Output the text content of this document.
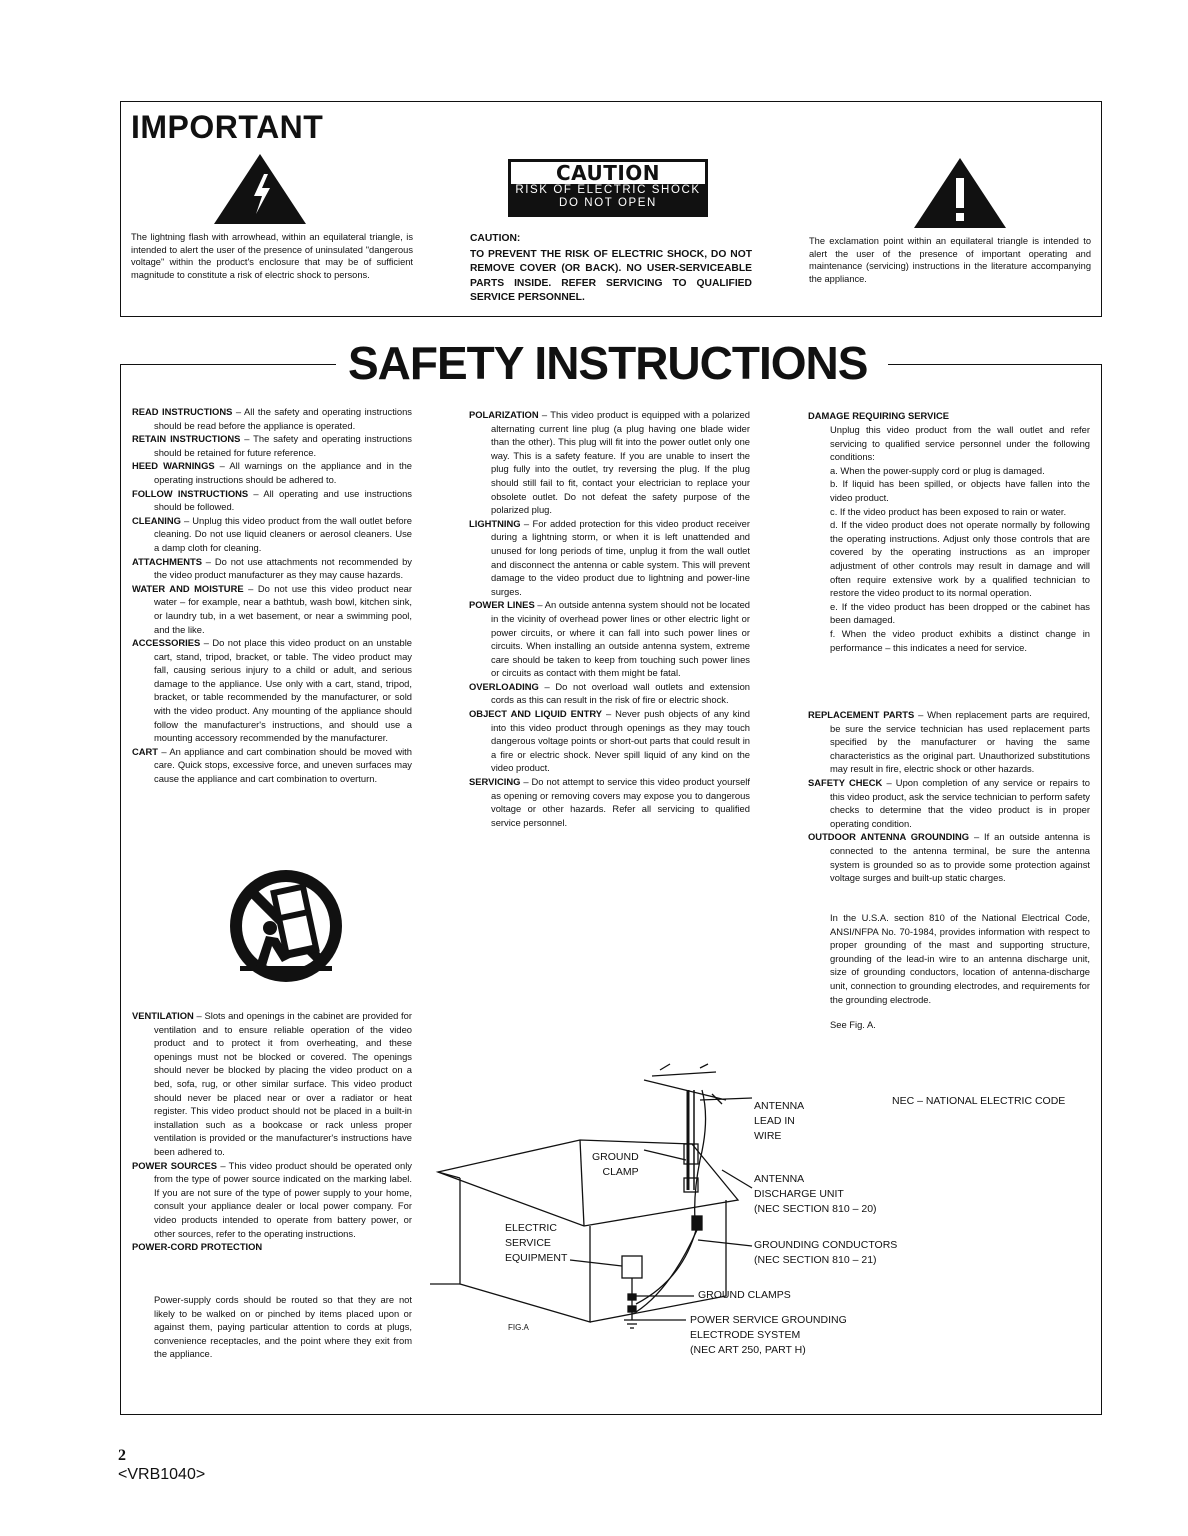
IMPORTANT
The lightning flash with arrowhead, within an equilateral triangle, is intended to alert the user of the presence of uninsulated "dangerous voltage" within the product's enclosure that may be of sufficient magnitude to constitute a risk of electric shock to persons.
CAUTION
RISK OF ELECTRIC SHOCK
DO NOT OPEN
CAUTION:
TO PREVENT THE RISK OF ELECTRIC SHOCK, DO NOT REMOVE COVER (OR BACK). NO USER-SERVICEABLE PARTS INSIDE. REFER SERVICING TO QUALIFIED SERVICE PERSONNEL.
The exclamation point within an equilateral triangle is intended to alert the user of the presence of important operating and maintenance (servicing) instructions in the literature accompanying the appliance.
SAFETY INSTRUCTIONS

READ INSTRUCTIONS – All the safety and operating instructions should be read before the appliance is operated.

RETAIN INSTRUCTIONS – The safety and operating instructions should be retained for future reference.

HEED WARNINGS – All warnings on the appliance and in the operating instructions should be adhered to.

FOLLOW INSTRUCTIONS – All operating and use instructions should be followed.

CLEANING – Unplug this video product from the wall outlet before cleaning. Do not use liquid cleaners or aerosol cleaners. Use a damp cloth for cleaning.

ATTACHMENTS – Do not use attachments not recommended by the video product manufacturer as they may cause hazards.

WATER AND MOISTURE – Do not use this video product near water – for example, near a bathtub, wash bowl, kitchen sink, or laundry tub, in a wet basement, or near a swimming pool, and the like.

ACCESSORIES – Do not place this video product on an unstable cart, stand, tripod, bracket, or table. The video product may fall, causing serious injury to a child or adult, and serious damage to the appliance. Use only with a cart, stand, tripod, bracket, or table recommended by the manufacturer, or sold with the video product. Any mounting of the appliance should follow the manufacturer's instructions, and should use a mounting accessory recommended by the manufacturer.

CART – An appliance and cart combination should be moved with care. Quick stops, excessive force, and uneven surfaces may cause the appliance and cart combination to overturn.

VENTILATION – Slots and openings in the cabinet are provided for ventilation and to ensure reliable operation of the video product and to protect it from overheating, and these openings must not be blocked or covered. The openings should never be blocked by placing the video product on a bed, sofa, rug, or other similar surface. This video product should never be placed near or over a radiator or heat register. This video product should not be placed in a built-in installation such as a bookcase or rack unless proper ventilation is provided or the manufacturer's instructions have been adhered to.

POWER SOURCES – This video product should be operated only from the type of power source indicated on the marking label. If you are not sure of the type of power supply to your home, consult your appliance dealer or local power company. For video products intended to operate from battery power, or other sources, refer to the operating instructions.

POWER-CORD PROTECTION

Power-supply cords should be routed so that they are not likely to be walked on or pinched by items placed upon or against them, paying particular attention to cords at plugs, convenience receptacles, and the point where they exit from the appliance.

POLARIZATION – This video product is equipped with a polarized alternating current line plug (a plug having one blade wider than the other). This plug will fit into the power outlet only one way. This is a safety feature. If you are unable to insert the plug fully into the outlet, try reversing the plug. If the plug should still fail to fit, contact your electrician to replace your obsolete outlet. Do not defeat the safety purpose of the polarized plug.

LIGHTNING – For added protection for this video product receiver during a lightning storm, or when it is left unattended and unused for long periods of time, unplug it from the wall outlet and disconnect the antenna or cable system. This will prevent damage to the video product due to lightning and power-line surges.

POWER LINES – An outside antenna system should not be located in the vicinity of overhead power lines or other electric light or power circuits, or where it can fall into such power lines or circuits. When installing an outside antenna system, extreme care should be taken to keep from touching such power lines or circuits as contact with them might be fatal.

OVERLOADING – Do not overload wall outlets and extension cords as this can result in the risk of fire or electric shock.

OBJECT AND LIQUID ENTRY – Never push objects of any kind into this video product through openings as they may touch dangerous voltage points or short-out parts that could result in a fire or electric shock. Never spill liquid of any kind on the video product.

SERVICING – Do not attempt to service this video product yourself as opening or removing covers may expose you to dangerous voltage or other hazards. Refer all servicing to qualified service personnel.

DAMAGE REQUIRING SERVICE
Unplug this video product from the wall outlet and refer servicing to qualified service personnel under the following conditions:
a. When the power-supply cord or plug is damaged.
b. If liquid has been spilled, or objects have fallen into the video product.
c. If the video product has been exposed to rain or water.
d. If the video product does not operate normally by following the operating instructions. Adjust only those controls that are covered by the operating instructions as an improper adjustment of other controls may result in damage and will often require extensive work by a qualified technician to restore the video product to its normal operation.
e. If the video product has been dropped or the cabinet has been damaged.
f. When the video product exhibits a distinct change in performance – this indicates a need for service.

REPLACEMENT PARTS – When replacement parts are required, be sure the service technician has used replacement parts specified by the manufacturer or having the same characteristics as the original part. Unauthorized substitutions may result in fire, electric shock or other hazards.

SAFETY CHECK – Upon completion of any service or repairs to this video product, ask the service technician to perform safety checks to determine that the video product is in proper operating condition.

OUTDOOR ANTENNA GROUNDING – If an outside antenna is connected to the antenna terminal, be sure the antenna system is grounded so as to provide some protection against voltage surges and built-up static charges.

In the U.S.A. section 810 of the National Electrical Code, ANSI/NFPA No. 70-1984, provides information with respect to proper grounding of the mast and supporting structure, grounding of the lead-in wire to an antenna discharge unit, size of grounding conductors, location of antenna-discharge unit, connection to grounding electrodes, and requirements for the grounding electrode.
See Fig. A.
NEC – NATIONAL ELECTRIC CODE
ANTENNA
LEAD IN
WIRE
GROUND
CLAMP
ANTENNA
DISCHARGE UNIT
(NEC SECTION 810 – 20)
ELECTRIC
SERVICE
EQUIPMENT
GROUNDING CONDUCTORS
(NEC SECTION 810 – 21)
GROUND CLAMPS
POWER SERVICE GROUNDING
ELECTRODE SYSTEM
(NEC ART 250, PART H)
FIG.A
2
<VRB1040>
